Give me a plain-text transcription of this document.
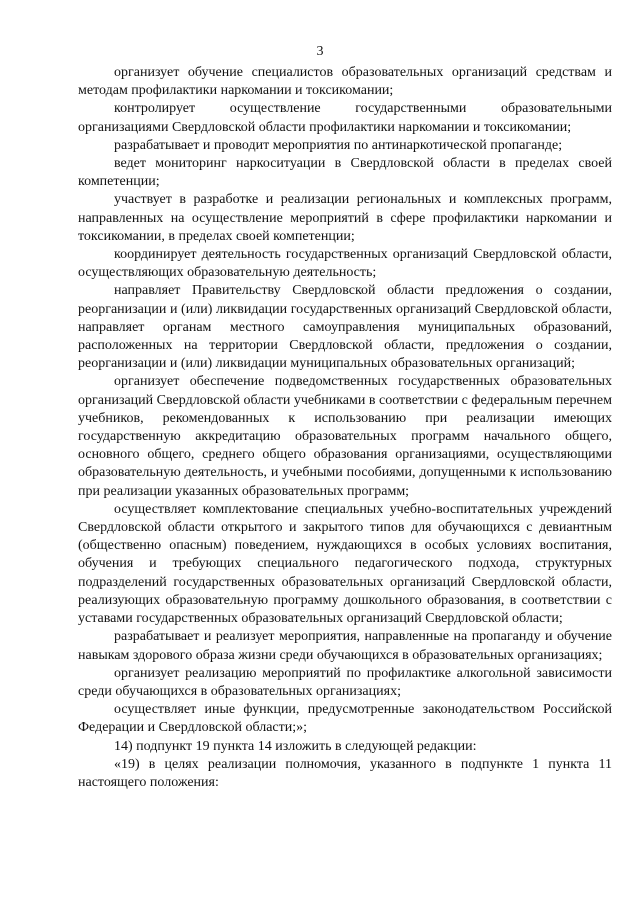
3

организует обучение специалистов образовательных организаций средствам и методам профилактики наркомании и токсикомании;

контролирует осуществление государственными образовательными организациями Свердловской области профилактики наркомании и токсикомании;

разрабатывает и проводит мероприятия по антинаркотической пропаганде;

ведет мониторинг наркоситуации в Свердловской области в пределах своей компетенции;

участвует в разработке и реализации региональных и комплексных программ, направленных на осуществление мероприятий в сфере профилактики наркомании и токсикомании, в пределах своей компетенции;

координирует деятельность государственных организаций Свердловской области, осуществляющих образовательную деятельность;

направляет Правительству Свердловской области предложения о создании, реорганизации и (или) ликвидации государственных организаций Свердловской области, направляет органам местного самоуправления муниципальных образований, расположенных на территории Свердловской области, предложения о создании, реорганизации и (или) ликвидации муниципальных образовательных организаций;

организует обеспечение подведомственных государственных образовательных организаций Свердловской области учебниками в соответствии с федеральным перечнем учебников, рекомендованных к использованию при реализации имеющих государственную аккредитацию образовательных программ начального общего, основного общего, среднего общего образования организациями, осуществляющими образовательную деятельность, и учебными пособиями, допущенными к использованию при реализации указанных образовательных программ;

осуществляет комплектование специальных учебно-воспитательных учреждений Свердловской области открытого и закрытого типов для обучающихся с девиантным (общественно опасным) поведением, нуждающихся в особых условиях воспитания, обучения и требующих специального педагогического подхода, структурных подразделений государственных образовательных организаций Свердловской области, реализующих образовательную программу дошкольного образования, в соответствии с уставами государственных образовательных организаций Свердловской области;

разрабатывает и реализует мероприятия, направленные на пропаганду и обучение навыкам здорового образа жизни среди обучающихся в образовательных организациях;

организует реализацию мероприятий по профилактике алкогольной зависимости среди обучающихся в образовательных организациях;

осуществляет иные функции, предусмотренные законодательством Российской Федерации и Свердловской области;»;

14) подпункт 19 пункта 14 изложить в следующей редакции:

«19) в целях реализации полномочия, указанного в подпункте 1 пункта 11 настоящего положения:
